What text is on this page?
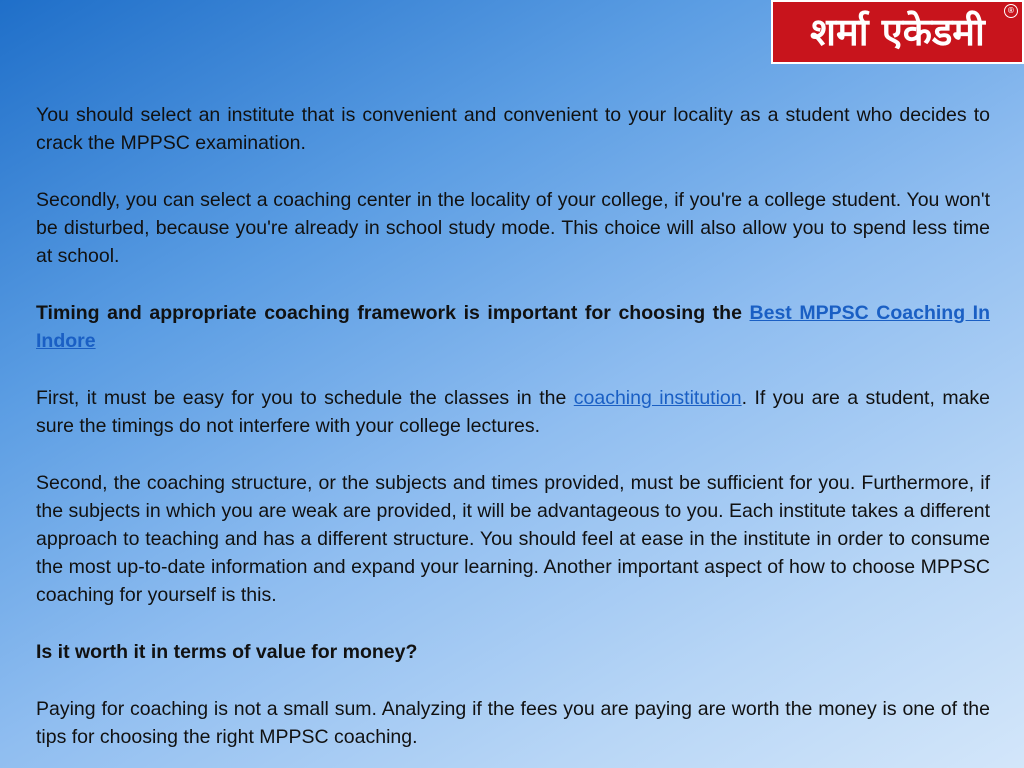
शर्मा एकेडमी	®

You should select an institute that is convenient and convenient to your locality as a student who decides to crack the MPPSC examination.

Secondly, you can select a coaching center in the locality of your college, if you're a college student. You won't be disturbed, because you're already in school study mode. This choice will also allow you to spend less time at school.

Timing and appropriate coaching framework is important for choosing the Best MPPSC Coaching In Indore

First, it must be easy for you to schedule the classes in the coaching institution. If you are a student, make sure the timings do not interfere with your college lectures.

Second, the coaching structure, or the subjects and times provided, must be sufficient for you. Furthermore, if the subjects in which you are weak are provided, it will be advantageous to you. Each institute takes a different approach to teaching and has a different structure. You should feel at ease in the institute in order to consume the most up-to-date information and expand your learning. Another important aspect of how to choose MPPSC coaching for yourself is this.

Is it worth it in terms of value for money?

Paying for coaching is not a small sum. Analyzing if the fees you are paying are worth the money is one of the tips for choosing the right MPPSC coaching.
